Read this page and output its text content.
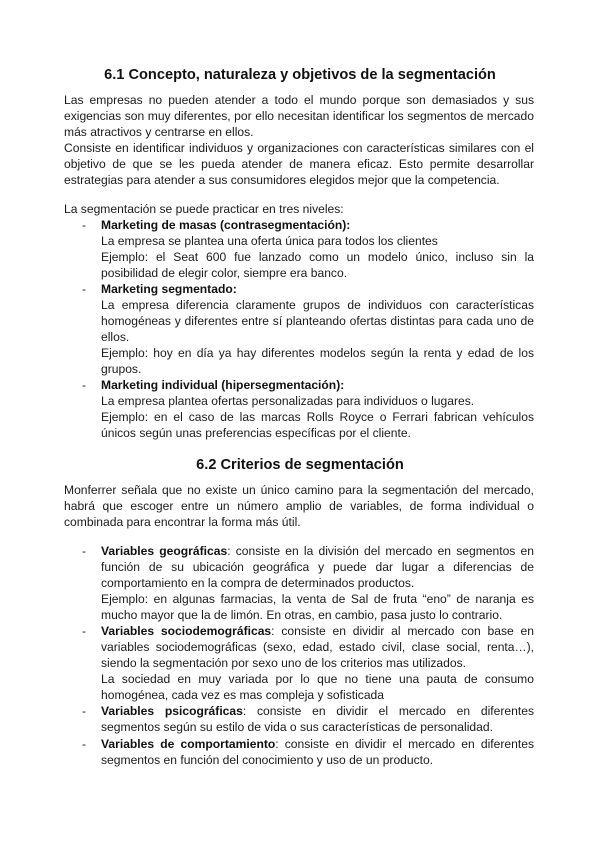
6.1 Concepto, naturaleza y objetivos de la segmentación

Las empresas no pueden atender a todo el mundo porque son demasiados y sus exigencias son muy diferentes, por ello necesitan identificar los segmentos de mercado más atractivos y centrarse en ellos.

Consiste en identificar individuos y organizaciones con características similares con el objetivo de que se les pueda atender de manera eficaz. Esto permite desarrollar estrategias para atender a sus consumidores elegidos mejor que la competencia.

La segmentación se puede practicar en tres niveles:

-	Marketing de masas (contrasegmentación):
La empresa se plantea una oferta única para todos los clientes
Ejemplo: el Seat 600 fue lanzado como un modelo único, incluso sin la posibilidad de elegir color, siempre era banco.
-	Marketing segmentado:
La empresa diferencia claramente grupos de individuos con características homogéneas y diferentes entre sí planteando ofertas distintas para cada uno de ellos.
Ejemplo: hoy en día ya hay diferentes modelos según la renta y edad de los grupos.
-	Marketing individual (hipersegmentación):
La empresa plantea ofertas personalizadas para individuos o lugares.
Ejemplo: en el caso de las marcas Rolls Royce o Ferrari fabrican vehículos únicos según unas preferencias específicas por el cliente.
6.2 Criterios de segmentación

Monferrer señala que no existe un único camino para la segmentación del mercado, habrá que escoger entre un número amplio de variables, de forma individual o combinada para encontrar la forma más útil.

-	Variables geográficas: consiste en la división del mercado en segmentos en función de su ubicación geográfica y puede dar lugar a diferencias de comportamiento en la compra de determinados productos.
Ejemplo: en algunas farmacias, la venta de Sal de fruta “eno” de naranja es mucho mayor que la de limón. En otras, en cambio, pasa justo lo contrario.
-	Variables sociodemográficas: consiste en dividir al mercado con base en variables sociodemográficas (sexo, edad, estado civil, clase social, renta…), siendo la segmentación por sexo uno de los criterios mas utilizados.
La sociedad en muy variada por lo que no tiene una pauta de consumo homogénea, cada vez es mas compleja y sofisticada
-	Variables psicográficas: consiste en dividir el mercado en diferentes segmentos según su estilo de vida o sus características de personalidad.
-	Variables de comportamiento: consiste en dividir el mercado en diferentes segmentos en función del conocimiento y uso de un producto.
